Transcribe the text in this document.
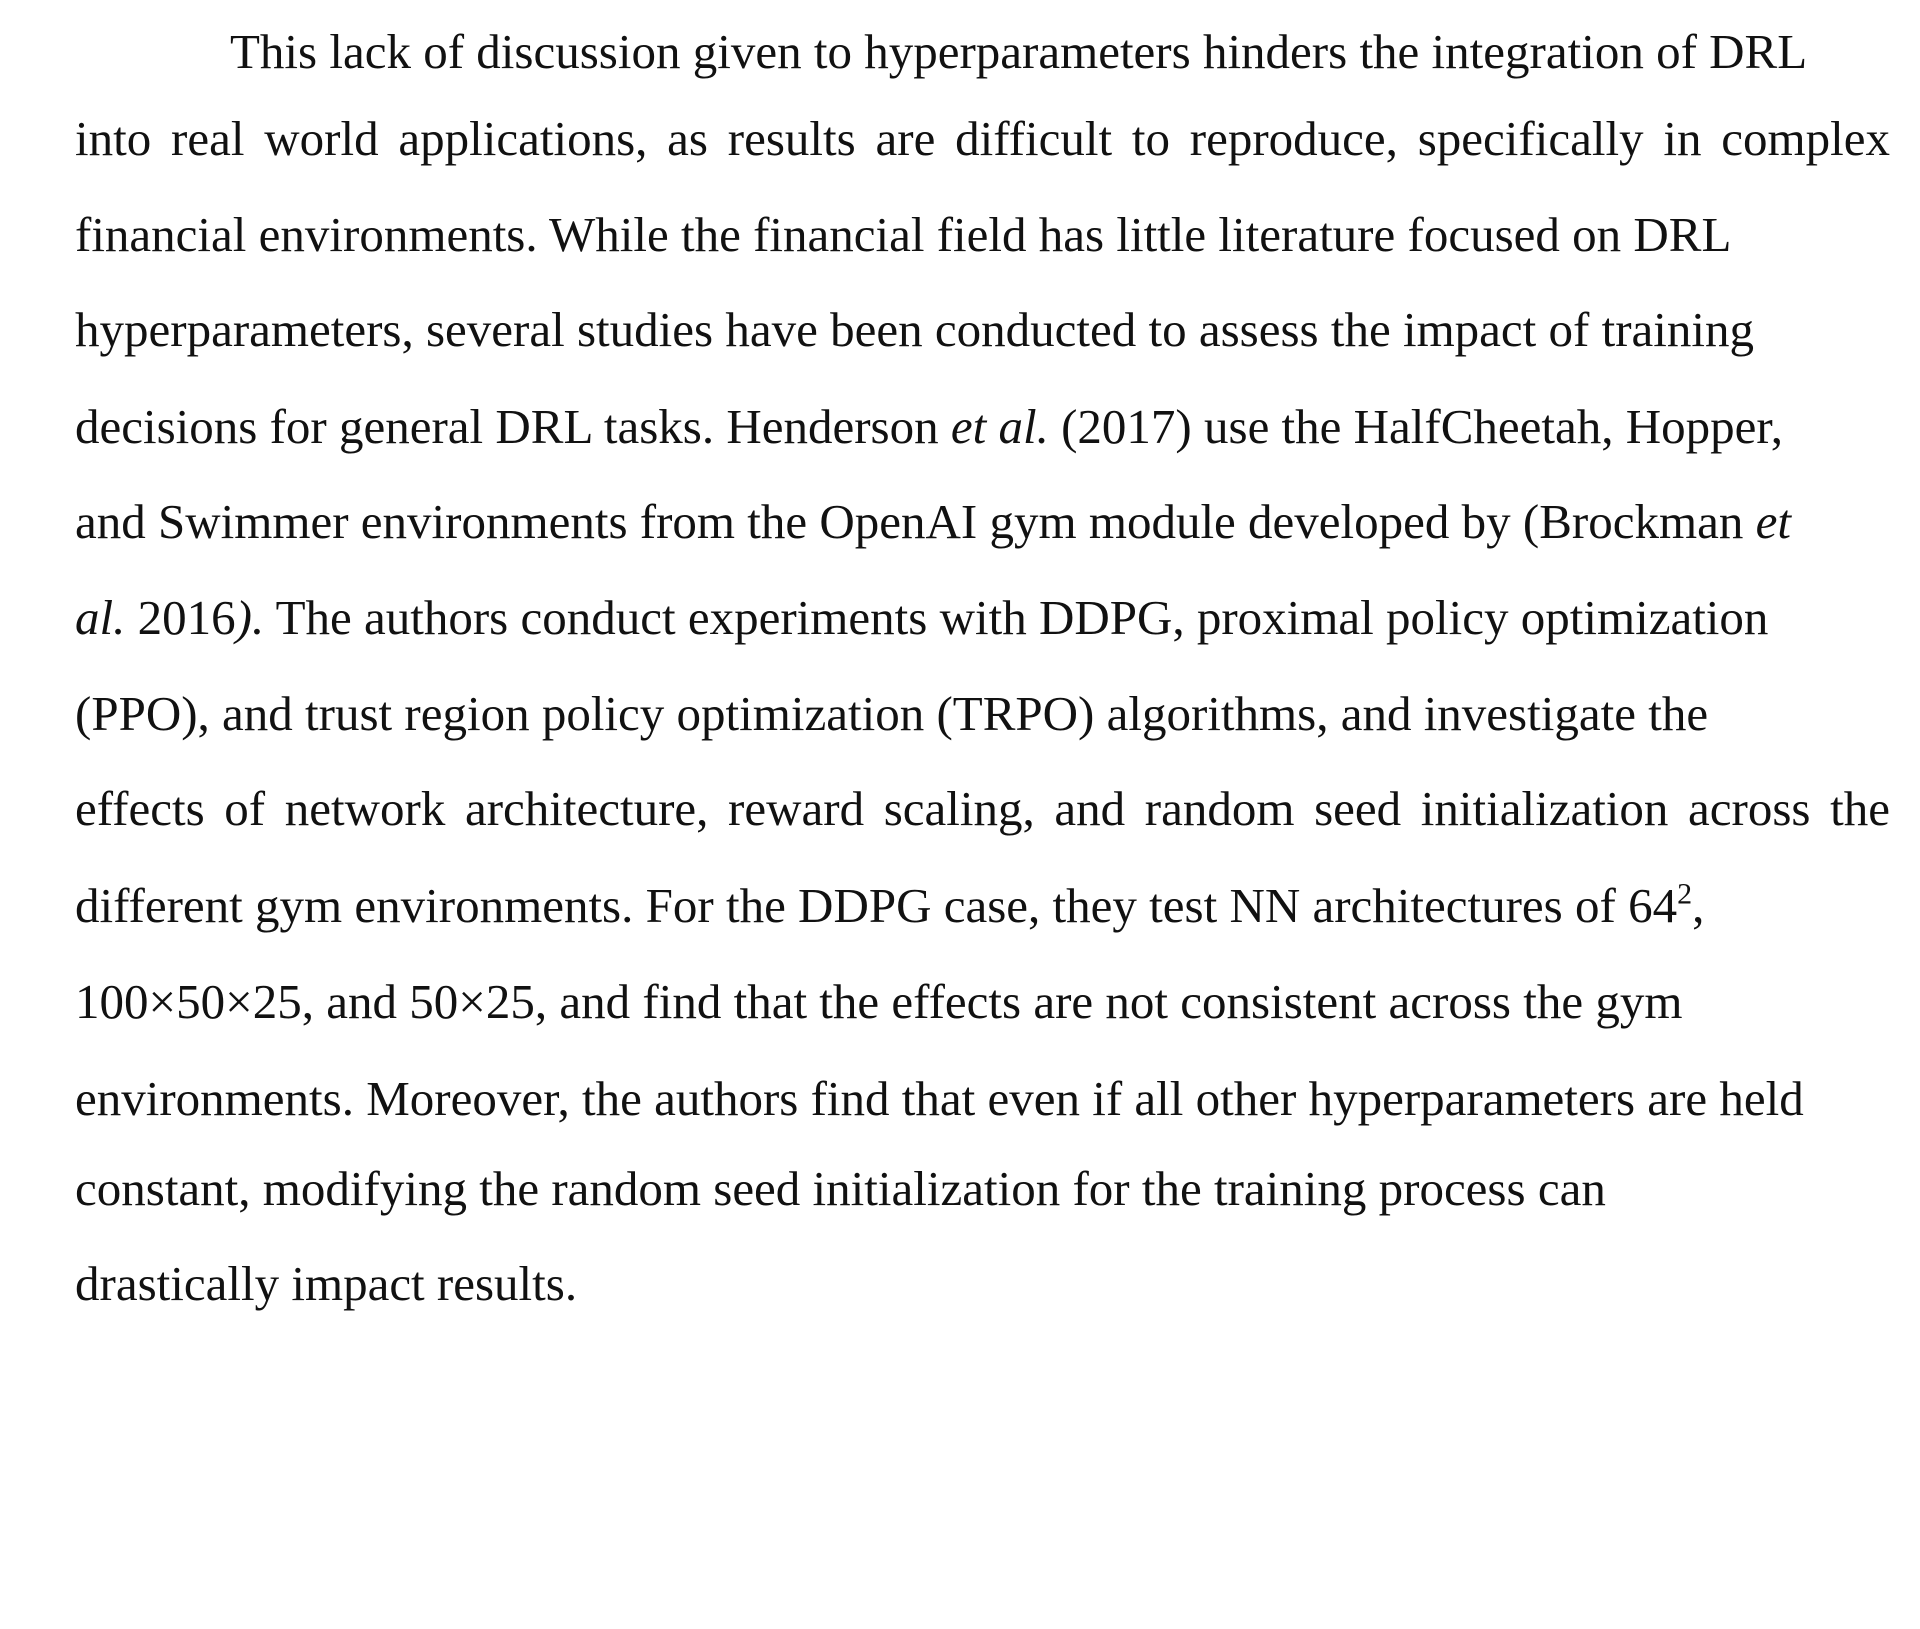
This lack of discussion given to hyperparameters hinders the integration of DRL

into real world applications, as results are difficult to reproduce, specifically in complex

financial environments. While the financial field has little literature focused on DRL

hyperparameters, several studies have been conducted to assess the impact of training

decisions for general DRL tasks. Henderson et al. (2017) use the HalfCheetah, Hopper,

and Swimmer environments from the OpenAI gym module developed by (Brockman et

al. 2016). The authors conduct experiments with DDPG, proximal policy optimization

(PPO), and trust region policy optimization (TRPO) algorithms, and investigate the

effects of network architecture, reward scaling, and random seed initialization across the

different gym environments. For the DDPG case, they test NN architectures of $64^2$,

100×50×25, and 50×25, and find that the effects are not consistent across the gym

environments. Moreover, the authors find that even if all other hyperparameters are held

constant, modifying the random seed initialization for the training process can

drastically impact results.
